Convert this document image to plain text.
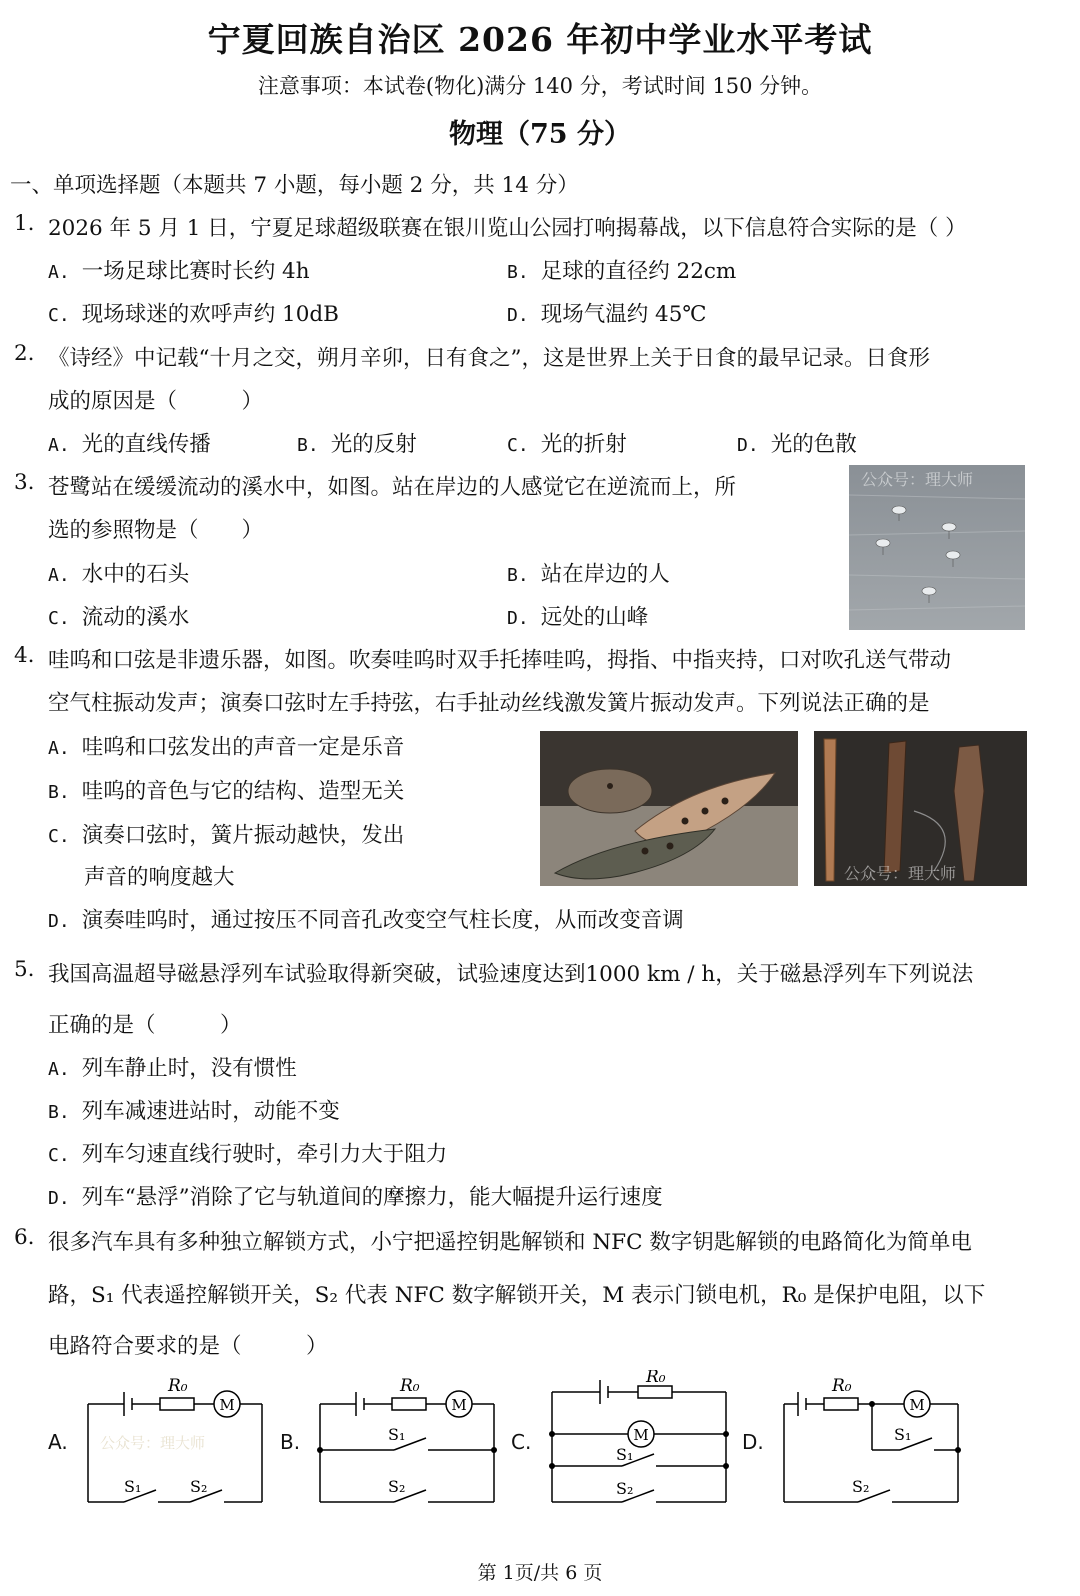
宁夏回族自治区 2026 年初中学业水平考试
注意事项：本试卷(物化)满分 140 分，考试时间 150 分钟。
物理（75 分）
一、单项选择题（本题共 7 小题，每小题 2 分，共 14 分）
1. 2026 年 5 月 1 日，宁夏足球超级联赛在银川览山公园打响揭幕战，以下信息符合实际的是（ ）
A. 一场足球比赛时长约 4h	B. 足球的直径约 22cm
C. 现场球迷的欢呼声约 10dB	D. 现场气温约 45℃
2. 《诗经》中记载“十月之交，朔月辛卯，日有食之”，这是世界上关于日食的最早记录。日食形
成的原因是（　　　）
A. 光的直线传播	B. 光的反射	C. 光的折射	D. 光的色散
3. 苍鹭站在缓缓流动的溪水中，如图。站在岸边的人感觉它在逆流而上，所
选的参照物是（　　）
A. 水中的石头	B. 站在岸边的人
C. 流动的溪水	D. 远处的山峰
公众号：理大师
4. 哇呜和口弦是非遗乐器，如图。吹奏哇呜时双手托捧哇呜，拇指、中指夹持，口对吹孔送气带动
空气柱振动发声；演奏口弦时左手持弦，右手扯动丝线激发簧片振动发声。下列说法正确的是
A. 哇呜和口弦发出的声音一定是乐音
B. 哇呜的音色与它的结构、造型无关
C. 演奏口弦时，簧片振动越快，发出
声音的响度越大
D. 演奏哇呜时，通过按压不同音孔改变空气柱长度，从而改变音调
公众号：理大师
5. 我国高温超导磁悬浮列车试验取得新突破，试验速度达到1000 km / h，关于磁悬浮列车下列说法
正确的是（　　　）
A. 列车静止时，没有惯性
B. 列车减速进站时，动能不变
C. 列车匀速直线行驶时，牵引力大于阻力
D. 列车“悬浮”消除了它与轨道间的摩擦力，能大幅提升运行速度
6. 很多汽车具有多种独立解锁方式，小宁把遥控钥匙解锁和 NFC 数字钥匙解锁的电路简化为简单电
路，S₁ 代表遥控解锁开关，S₂ 代表 NFC 数字解锁开关，M 表示门锁电机，R₀ 是保护电阻，以下
电路符合要求的是（　　　）
A.
R₀
M
S₁	S₂
公众号：理大师	B.
R₀
M
S₁
S₂
C.
R₀
M
S₁
S₂
D.
R₀
M
S₁
S₂
第 1页/共 6 页
